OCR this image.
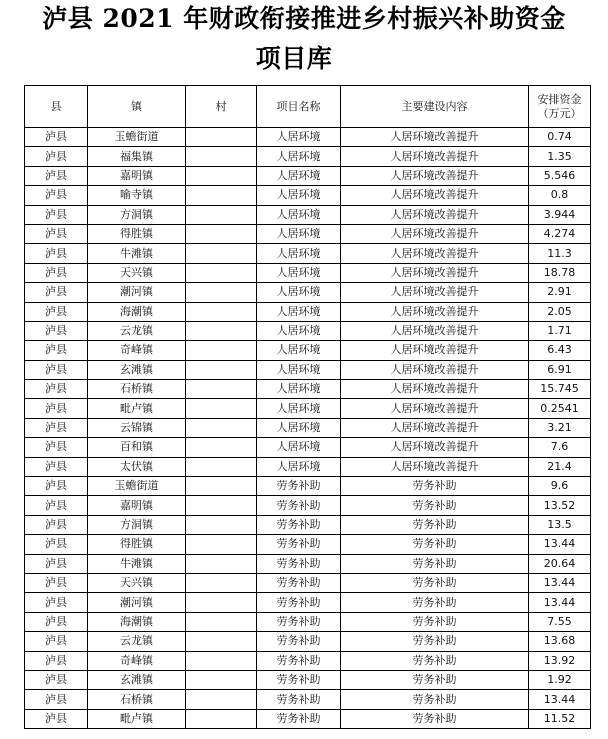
泸县 2021 年财政衔接推进乡村振兴补助资金
项目库
县	镇	村	项目名称	主要建设内容	安排资金
（万元）

泸县	玉蟾街道		人居环境	人居环境改善提升	0.74
泸县	福集镇		人居环境	人居环境改善提升	1.35
泸县	嘉明镇		人居环境	人居环境改善提升	5.546
泸县	喻寺镇		人居环境	人居环境改善提升	0.8
泸县	方洞镇		人居环境	人居环境改善提升	3.944
泸县	得胜镇		人居环境	人居环境改善提升	4.274
泸县	牛滩镇		人居环境	人居环境改善提升	11.3
泸县	天兴镇		人居环境	人居环境改善提升	18.78
泸县	潮河镇		人居环境	人居环境改善提升	2.91
泸县	海潮镇		人居环境	人居环境改善提升	2.05
泸县	云龙镇		人居环境	人居环境改善提升	1.71
泸县	奇峰镇		人居环境	人居环境改善提升	6.43
泸县	玄滩镇		人居环境	人居环境改善提升	6.91
泸县	石桥镇		人居环境	人居环境改善提升	15.745
泸县	毗卢镇		人居环境	人居环境改善提升	0.2541
泸县	云锦镇		人居环境	人居环境改善提升	3.21
泸县	百和镇		人居环境	人居环境改善提升	7.6
泸县	太伏镇		人居环境	人居环境改善提升	21.4
泸县	玉蟾街道		劳务补助	劳务补助	9.6
泸县	嘉明镇		劳务补助	劳务补助	13.52
泸县	方洞镇		劳务补助	劳务补助	13.5
泸县	得胜镇		劳务补助	劳务补助	13.44
泸县	牛滩镇		劳务补助	劳务补助	20.64
泸县	天兴镇		劳务补助	劳务补助	13.44
泸县	潮河镇		劳务补助	劳务补助	13.44
泸县	海潮镇		劳务补助	劳务补助	7.55
泸县	云龙镇		劳务补助	劳务补助	13.68
泸县	奇峰镇		劳务补助	劳务补助	13.92
泸县	玄滩镇		劳务补助	劳务补助	1.92
泸县	石桥镇		劳务补助	劳务补助	13.44
泸县	毗卢镇		劳务补助	劳务补助	11.52
